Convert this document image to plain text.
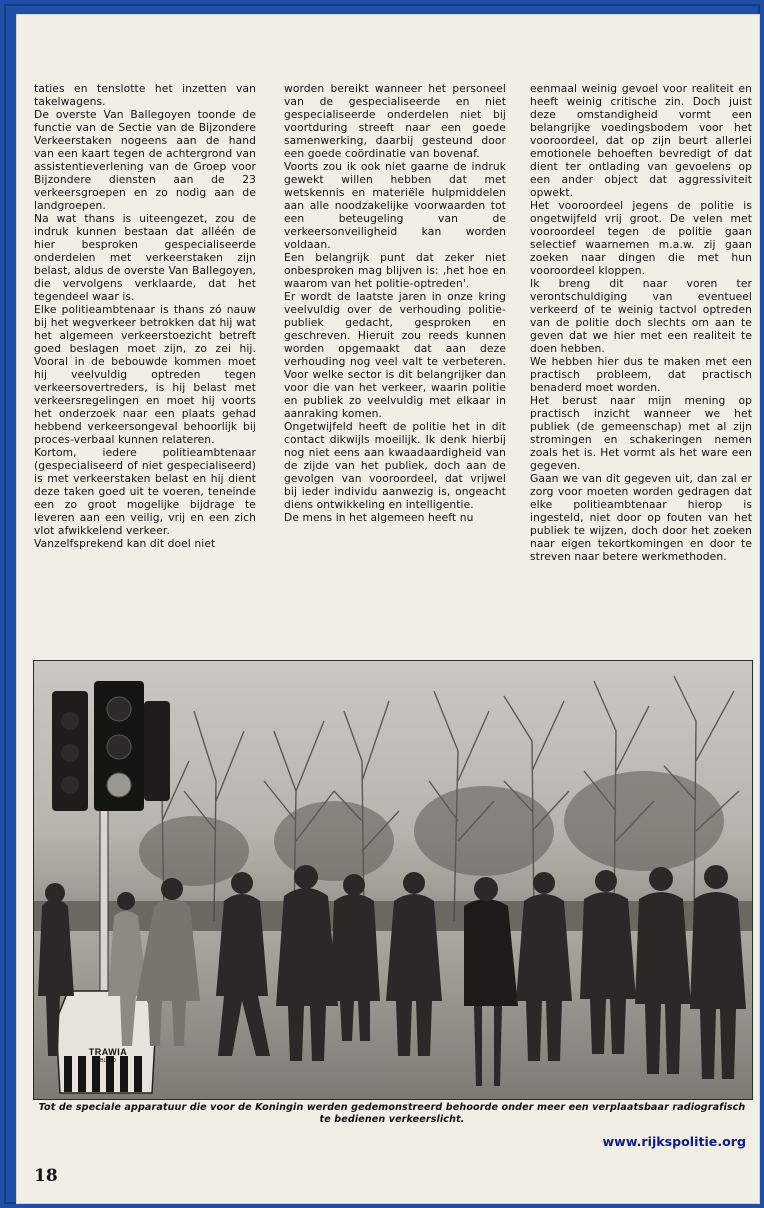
taties en tenslotte het inzetten van takelwagens.

De overste Van Ballegoyen toonde de functie van de Sectie van de Bijzondere Verkeerstaken nogeens aan de hand van een kaart tegen de achtergrond van assistentieverlening van de Groep voor Bijzondere diensten aan de 23 verkeersgroepen en zo nodig aan de landgroepen.

Na wat thans is uiteengezet, zou de indruk kunnen bestaan dat alléén de hier besproken gespecialiseerde onderdelen met verkeerstaken zijn belast, aldus de overste Van Ballegoyen, die vervolgens verklaarde, dat het tegendeel waar is.

Elke politieambtenaar is thans zó nauw bij het wegverkeer betrokken dat hij wat het algemeen verkeerstoezicht betreft goed beslagen moet zijn, zo zei hij. Vooral in de bebouwde kommen moet hij veelvuldig optreden tegen verkeersovertreders, is hij belast met verkeersregelingen en moet hij voorts het onderzoek naar een plaats gehad hebbend verkeersongeval behoorlijk bij proces-verbaal kunnen relateren.

Kortom, iedere politieambtenaar (gespecialiseerd of niet gespecialiseerd) is met verkeerstaken belast en hij dient deze taken goed uit te voeren, teneinde een zo groot mogelijke bijdrage te leveren aan een veilig, vrij en een zich vlot afwikkelend verkeer.

Vanzelfsprekend kan dit doel niet

worden bereikt wanneer het personeel van de gespecialiseerde en niet gespecialiseerde onderdelen niet bij voortduring streeft naar een goede samenwerking, daarbij gesteund door een goede coördinatie van bovenaf.

Voorts zou ik ook niet gaarne de indruk gewekt willen hebben dat met wetskennis en materiële hulpmiddelen aan alle noodzakelijke voorwaarden tot een beteugeling van de verkeersonveiligheid kan worden voldaan.

Een belangrijk punt dat zeker niet onbesproken mag blijven is: ‚het hoe en waarom van het politie-optreden'.

Er wordt de laatste jaren in onze kring veelvuldig over de verhouding politie-publiek gedacht, gesproken en geschreven. Hieruit zou reeds kunnen worden opgemaakt dat aan deze verhouding nog veel valt te verbeteren. Voor welke sector is dit belangrijker dan voor die van het verkeer, waarin politie en publiek zo veelvuldig met elkaar in aanraking komen.

Ongetwijfeld heeft de politie het in dit contact dikwijls moeilijk. Ik denk hierbij nog niet eens aan kwaadaardigheid van de zijde van het publiek, doch aan de gevolgen van vooroordeel, dat vrijwel bij ieder individu aanwezig is, ongeacht diens ontwikkeling en intelligentie.

De mens in het algemeen heeft nu

eenmaal weinig gevoel voor realiteit en heeft weinig critische zin. Doch juist deze omstandigheid vormt een belangrijke voedingsbodem voor het vooroordeel, dat op zijn beurt allerlei emotionele behoeften bevredigt of dat dient ter ontlading van gevoelens op een ander object dat aggressiviteit opwekt.

Het vooroordeel jegens de politie is ongetwijfeld vrij groot. De velen met vooroordeel tegen de politie gaan selectief waarnemen m.a.w. zij gaan zoeken naar dingen die met hun vooroordeel kloppen.

Ik breng dit naar voren ter verontschuldiging van eventueel verkeerd of te weinig tactvol optreden van de politie doch slechts om aan te geven dat we hier met een realiteit te doen hebben.

We hebben hier dus te maken met een practisch probleem, dat practisch benaderd moet worden.

Het berust naar mijn mening op practisch inzicht wanneer we het publiek (de gemeenschap) met al zijn stromingen en schakeringen nemen zoals het is. Het vormt als het ware een gegeven.

Gaan we van dit gegeven uit, dan zal er zorg voor moeten worden gedragen dat elke politieambtenaar hierop is ingesteld, niet door op fouten van het publiek te wijzen, doch door het zoeken naar eigen tekortkomingen en door te streven naar betere werkmethoden.

TRAWIA
BL 440
Tot de speciale apparatuur die voor de Koningin werden gedemonstreerd behoorde onder meer een verplaatsbaar radiografisch te bedienen verkeerslicht.
www.rijkspolitie.org
18
